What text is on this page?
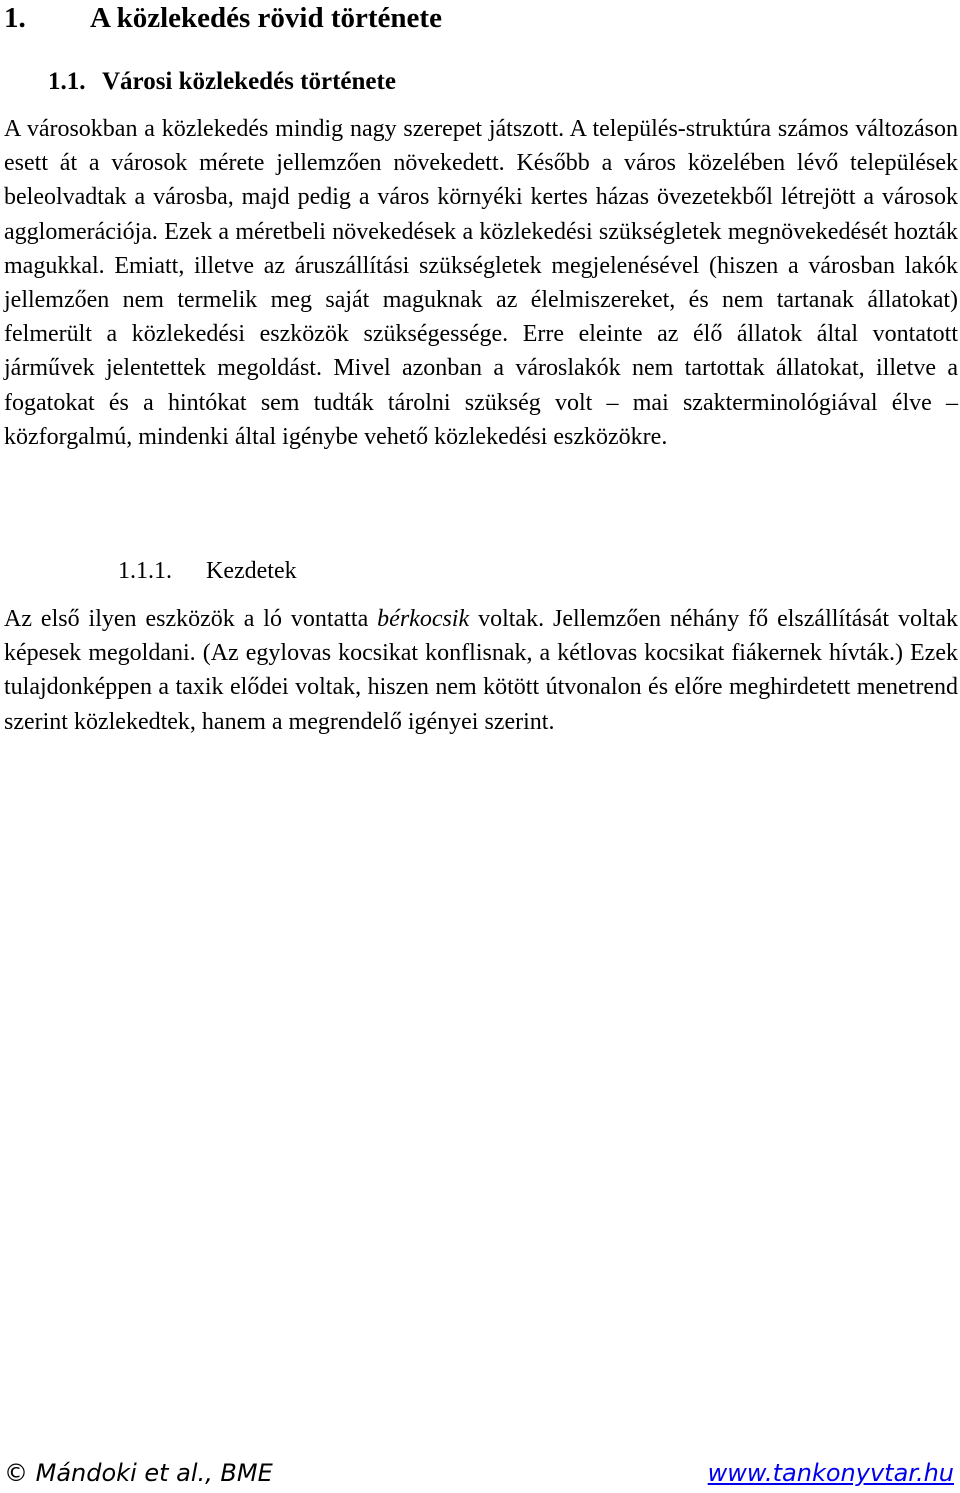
1. A közlekedés rövid története
1.1. Városi közlekedés története

A városokban a közlekedés mindig nagy szerepet játszott. A település-struktúra számos változáson esett át a városok mérete jellemzően növekedett. Később a város közelében lévő települések beleolvadtak a városba, majd pedig a város környéki kertes házas övezetekből létrejött a városok agglomerációja. Ezek a méretbeli növekedések a közlekedési szükségletek megnövekedését hozták magukkal. Emiatt, illetve az áruszállítási szükségletek megjelenésével (hiszen a városban lakók jellemzően nem termelik meg saját maguknak az élelmiszereket, és nem tartanak állatokat) felmerült a közlekedési eszközök szükségessége. Erre eleinte az élő állatok által vontatott járművek jelentettek megoldást. Mivel azonban a városlakók nem tartottak állatokat, illetve a fogatokat és a hintókat sem tudták tárolni szükség volt – mai szakterminológiával élve – közforgalmú, mindenki által igénybe vehető közlekedési eszközökre.

1.1.1. Kezdetek

Az első ilyen eszközök a ló vontatta bérkocsik voltak. Jellemzően néhány fő elszállítását voltak képesek megoldani. (Az egylovas kocsikat konflisnak, a kétlovas kocsikat fiákernek hívták.) Ezek tulajdonképpen a taxik elődei voltak, hiszen nem kötött útvonalon és előre meghirdetett menetrend szerint közlekedtek, hanem a megrendelő igényei szerint.

© Mándoki et al., BME	www.tankonyvtar.hu
